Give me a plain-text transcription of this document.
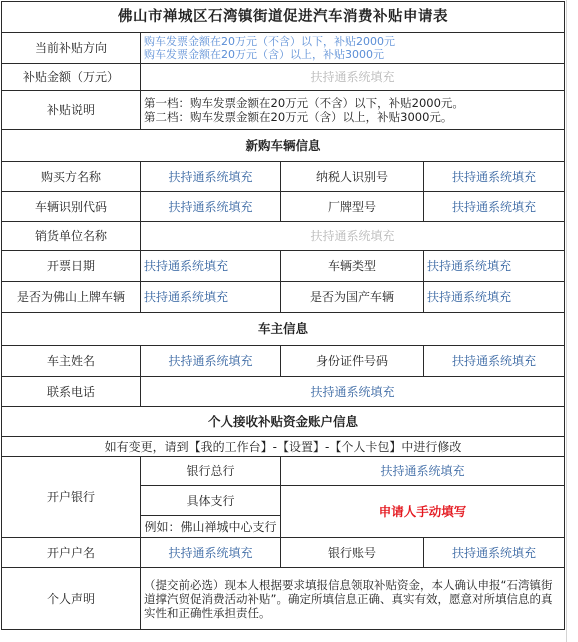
佛山市禅城区石湾镇街道促进汽车消费补贴申请表			
当前补贴方向	购车发票金额在20万元（不含）以下，补贴2000元
购车发票金额在20万元（含）以上，补贴3000元		

补贴金额（万元）	扶持通系统填充		
补贴说明	第一档：购车发票金额在20万元（不含）以下，补贴2000元。
第二档：购车发票金额在20万元（含）以上，补贴3000元。		

新购车辆信息			
购买方名称	扶持通系统填充	纳税人识别号	扶持通系统填充
车辆识别代码	扶持通系统填充	厂牌型号	扶持通系统填充
销货单位名称	扶持通系统填充		
开票日期	扶持通系统填充	车辆类型	扶持通系统填充
是否为佛山上牌车辆	扶持通系统填充	是否为国产车辆	扶持通系统填充
车主信息			
车主姓名	扶持通系统填充	身份证件号码	扶持通系统填充
联系电话	扶持通系统填充		
个人接收补贴资金账户信息			
如有变更，请到【我的工作台】-【设置】-【个人卡包】中进行修改			
开户银行	银行总行	扶持通系统填充	
	具体支行	申请人手动填写	
	例如：佛山禅城中心支行		
开户户名	扶持通系统填充	银行账号	扶持通系统填充
个人声明	（提交前必选）现本人根据要求填报信息领取补贴资金，本人确认申报“石湾镇街道撑汽贸促消费活动补贴”。确定所填信息正确、真实有效，愿意对所填信息的真实性和正确性承担责任。		
